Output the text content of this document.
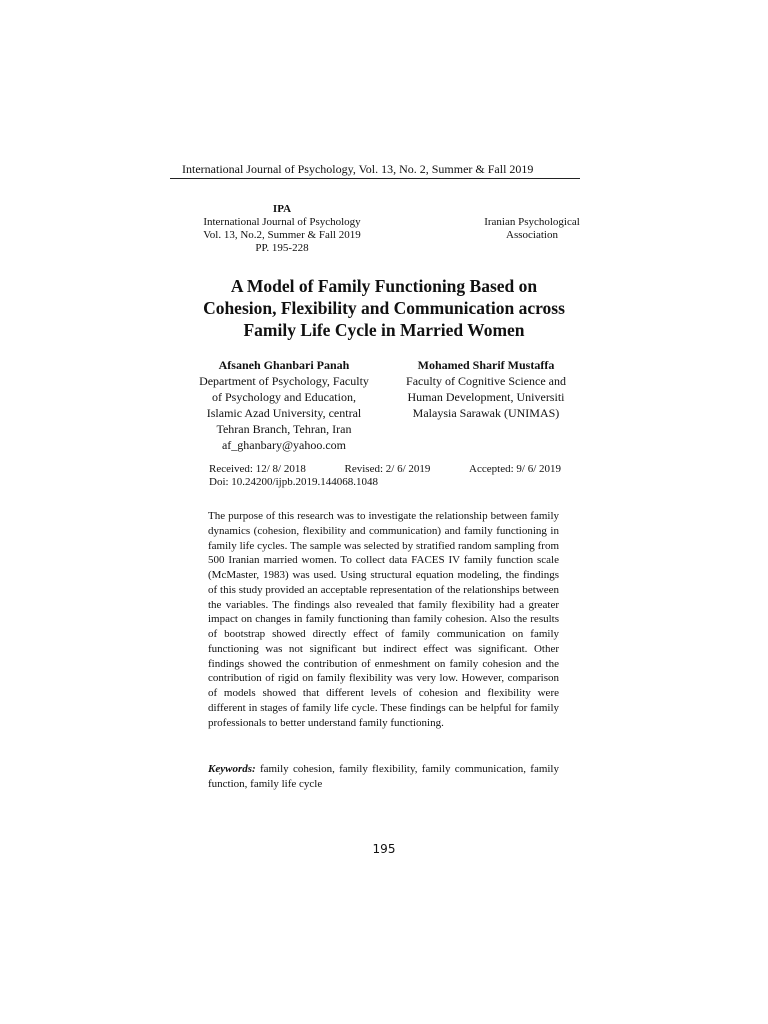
International Journal of Psychology, Vol. 13, No. 2, Summer & Fall 2019
IPA
International Journal of Psychology
Vol. 13, No.2, Summer & Fall 2019
PP. 195-228
Iranian Psychological
Association
A Model of Family Functioning Based on
Cohesion, Flexibility and Communication across
Family Life Cycle in Married Women
Afsaneh Ghanbari Panah
Department of Psychology, Faculty
of Psychology and Education,
Islamic Azad University, central
Tehran Branch, Tehran, Iran
af_ghanbary@yahoo.com
Mohamed Sharif Mustaffa
Faculty of Cognitive Science and
Human Development, Universiti
Malaysia Sarawak (UNIMAS)
Received: 12/ 8/ 2018	Revised: 2/ 6/ 2019	Accepted: 9/ 6/ 2019
Doi: 10.24200/ijpb.2019.144068.1048

The purpose of this research was to investigate the relationship between family dynamics (cohesion, flexibility and communication) and family functioning in family life cycles. The sample was selected by stratified random sampling from 500 Iranian married women. To collect data FACES IV family function scale (McMaster, 1983) was used. Using structural equation modeling, the findings of this study provided an acceptable representation of the relationships between the variables. The findings also revealed that family flexibility had a greater impact on changes in family functioning than family cohesion. Also the results of bootstrap showed directly effect of family communication on family functioning was not significant but indirect effect was significant. Other findings showed the contribution of enmeshment on family cohesion and the contribution of rigid on family flexibility was very low. However, comparison of models showed that different levels of cohesion and flexibility were different in stages of family life cycle. These findings can be helpful for family professionals to better understand family functioning.

Keywords: family cohesion, family flexibility, family communication, family function, family life cycle

195
